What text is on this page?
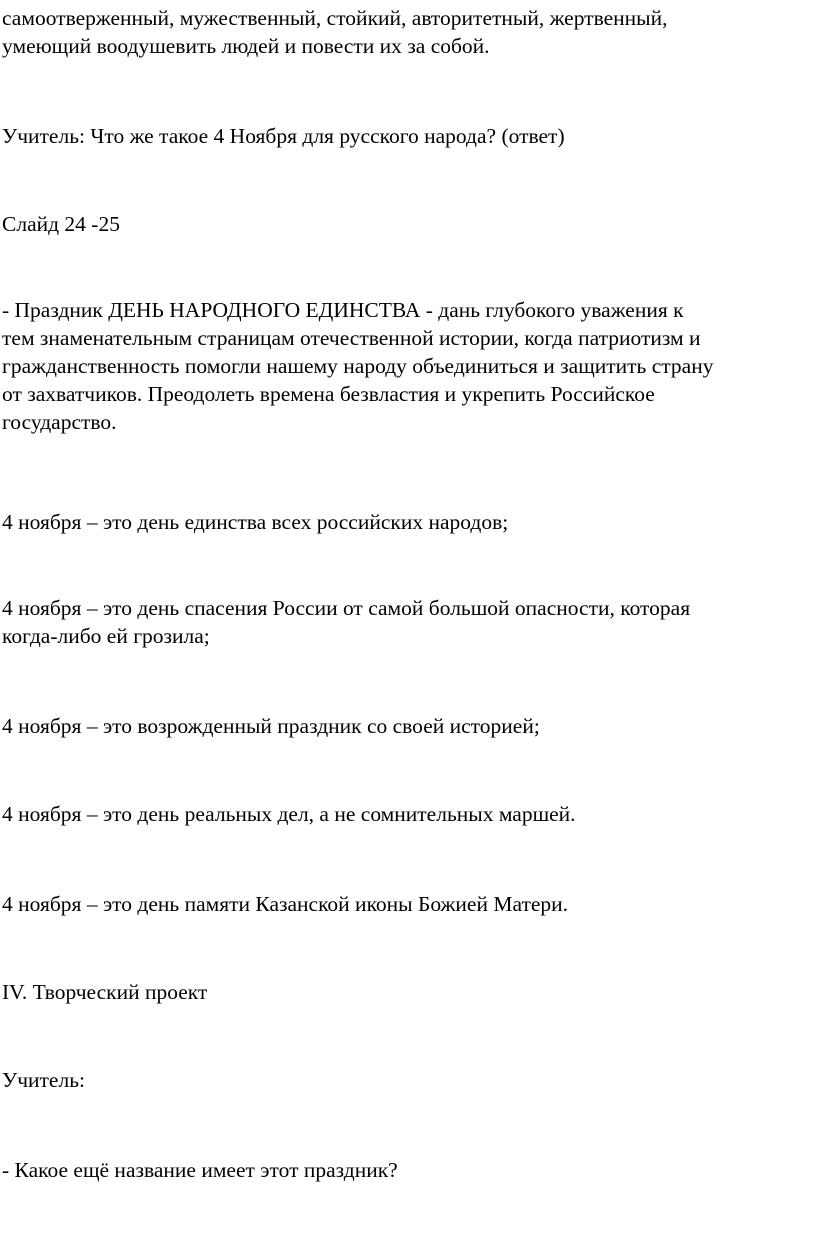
самоотверженный, мужественный, стойкий, авторитетный, жертвенный,
умеющий воодушевить людей и повести их за собой.

Учитель: Что же такое 4 Ноября для русского народа? (ответ)

Слайд 24 -25

- Праздник ДЕНЬ НАРОДНОГО ЕДИНСТВА - дань глубокого уважения к
тем знаменательным страницам отечественной истории, когда патриотизм и
гражданственность помогли нашему народу объединиться и защитить страну
от захватчиков. Преодолеть времена безвластия и укрепить Российское
государство.

4 ноября – это день единства всех российских народов;

4 ноября – это день спасения России от самой большой опасности, которая
когда-либо ей грозила;

4 ноября – это возрожденный праздник со своей историей;

4 ноября – это день реальных дел, а не сомнительных маршей.

4 ноября – это день памяти Казанской иконы Божией Матери.

IV. Творческий проект

Учитель:

- Какое ещё название имеет этот праздник?
